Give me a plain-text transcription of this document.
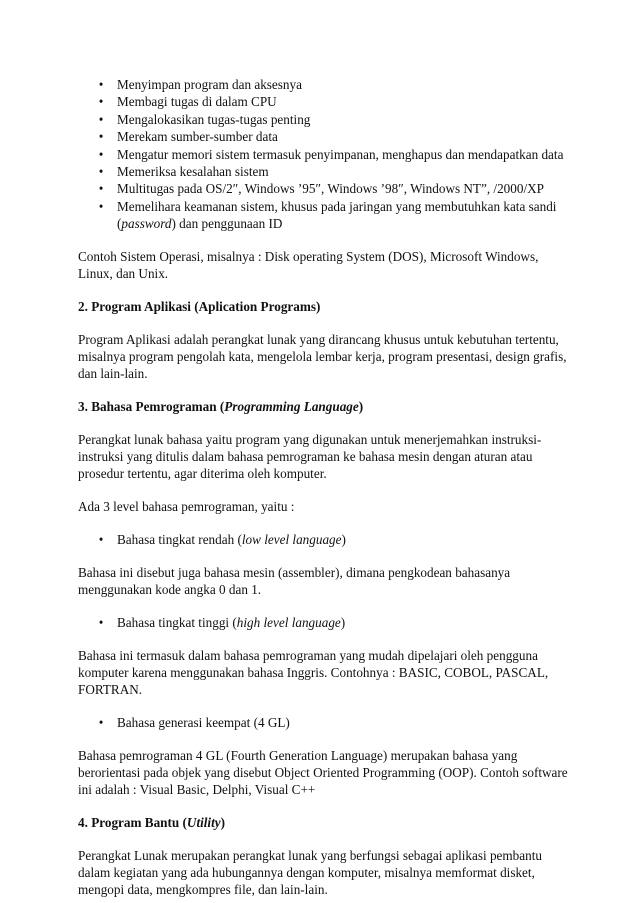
• Menyimpan program dan aksesnya
• Membagi tugas di dalam CPU
• Mengalokasikan tugas-tugas penting
• Merekam sumber-sumber data
• Mengatur memori sistem termasuk penyimpanan, menghapus dan mendapatkan data
• Memeriksa kesalahan sistem
• Multitugas pada OS/2″, Windows ’95″, Windows ’98″, Windows NT”, /2000/XP
• Memelihara keamanan sistem, khusus pada jaringan yang membutuhkan kata sandi
(password) dan penggunaan ID

Contoh Sistem Operasi, misalnya : Disk operating System (DOS), Microsoft Windows, Linux, dan Unix.

2. Program Aplikasi (Aplication Programs)

Program Aplikasi adalah perangkat lunak yang dirancang khusus untuk kebutuhan tertentu, misalnya program pengolah kata, mengelola lembar kerja, program presentasi, design grafis, dan lain-lain.

3. Bahasa Pemrograman (Programming Language)

Perangkat lunak bahasa yaitu program yang digunakan untuk menerjemahkan instruksi-instruksi yang ditulis dalam bahasa pemrograman ke bahasa mesin dengan aturan atau prosedur tertentu, agar diterima oleh komputer.

Ada 3 level bahasa pemrograman, yaitu :

• Bahasa tingkat rendah (low level language)

Bahasa ini disebut juga bahasa mesin (assembler), dimana pengkodean bahasanya menggunakan kode angka 0 dan 1.

• Bahasa tingkat tinggi (high level language)

Bahasa ini termasuk dalam bahasa pemrograman yang mudah dipelajari oleh pengguna komputer karena menggunakan bahasa Inggris. Contohnya : BASIC, COBOL, PASCAL, FORTRAN.

• Bahasa generasi keempat (4 GL)

Bahasa pemrograman 4 GL (Fourth Generation Language) merupakan bahasa yang berorientasi pada objek yang disebut Object Oriented Programming (OOP). Contoh software ini adalah : Visual Basic, Delphi, Visual C++

4. Program Bantu (Utility)

Perangkat Lunak merupakan perangkat lunak yang berfungsi sebagai aplikasi pembantu dalam kegiatan yang ada hubungannya dengan komputer, misalnya memformat disket, mengopi data, mengkompres file, dan lain-lain.
